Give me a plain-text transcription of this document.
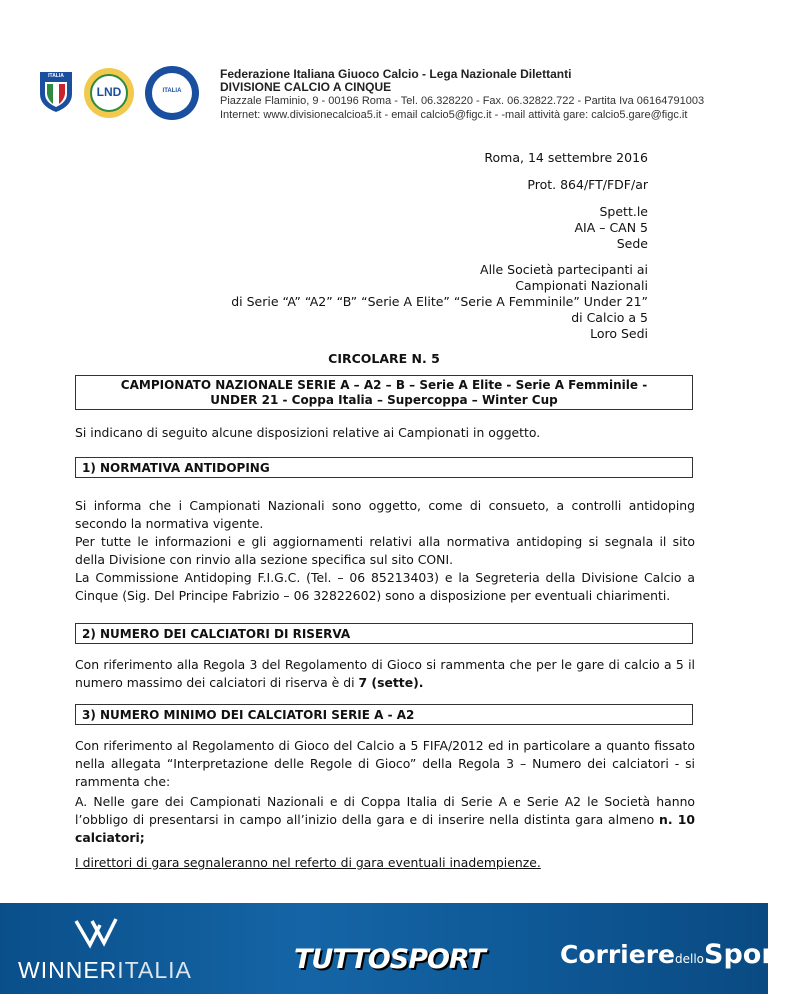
ITALIA
LND	ITALIA
Federazione Italiana Giuoco Calcio - Lega Nazionale Dilettanti
DIVISIONE CALCIO A CINQUE
Piazzale Flaminio, 9 - 00196 Roma - Tel. 06.328220 - Fax. 06.32822.722 - Partita Iva 06164791003
Internet: www.divisionecalcioa5.it - email calcio5@figc.it - -mail attività gare: calcio5.gare@figc.it
Roma, 14 settembre 2016
Prot. 864/FT/FDF/ar
Spett.le
AIA – CAN 5
Sede
Alle Società partecipanti ai
Campionati Nazionali
di Serie “A” “A2” “B” “Serie A Elite” “Serie A Femminile” Under 21”
di Calcio a 5
Loro Sedi
CIRCOLARE N. 5
CAMPIONATO NAZIONALE SERIE A – A2 – B – Serie A Elite - Serie A Femminile -
UNDER 21 - Coppa Italia – Supercoppa – Winter Cup
Si indicano di seguito alcune disposizioni relative ai Campionati in oggetto.
1) NORMATIVA ANTIDOPING
Si informa che i Campionati Nazionali sono oggetto, come di consueto, a controlli antidoping secondo la normativa vigente.
Per tutte le informazioni e gli aggiornamenti relativi alla normativa antidoping si segnala il sito della Divisione con rinvio alla sezione specifica sul sito CONI.
La Commissione Antidoping F.I.G.C. (Tel. – 06 85213403) e la Segreteria della Divisione Calcio a Cinque (Sig. Del Principe Fabrizio – 06 32822602) sono a disposizione per eventuali chiarimenti.
2) NUMERO DEI CALCIATORI DI RISERVA
Con riferimento alla Regola 3 del Regolamento di Gioco si rammenta che per le gare di calcio a 5 il numero massimo dei calciatori di riserva è di 7 (sette).
3) NUMERO MINIMO DEI CALCIATORI SERIE A - A2
Con riferimento al Regolamento di Gioco del Calcio a 5 FIFA/2012 ed in particolare a quanto fissato nella allegata “Interpretazione delle Regole di Gioco” della Regola 3 – Numero dei calciatori - si rammenta che:
A. Nelle gare dei Campionati Nazionali e di Coppa Italia di Serie A e Serie A2 le Società hanno l’obbligo di presentarsi in campo all’inizio della gara e di inserire nella distinta gara almeno n. 10 calciatori;
I direttori di gara segnaleranno nel referto di gara eventuali inadempienze.
WINNERITALIA	TUTTOSPORT	CorrieredelloSport
